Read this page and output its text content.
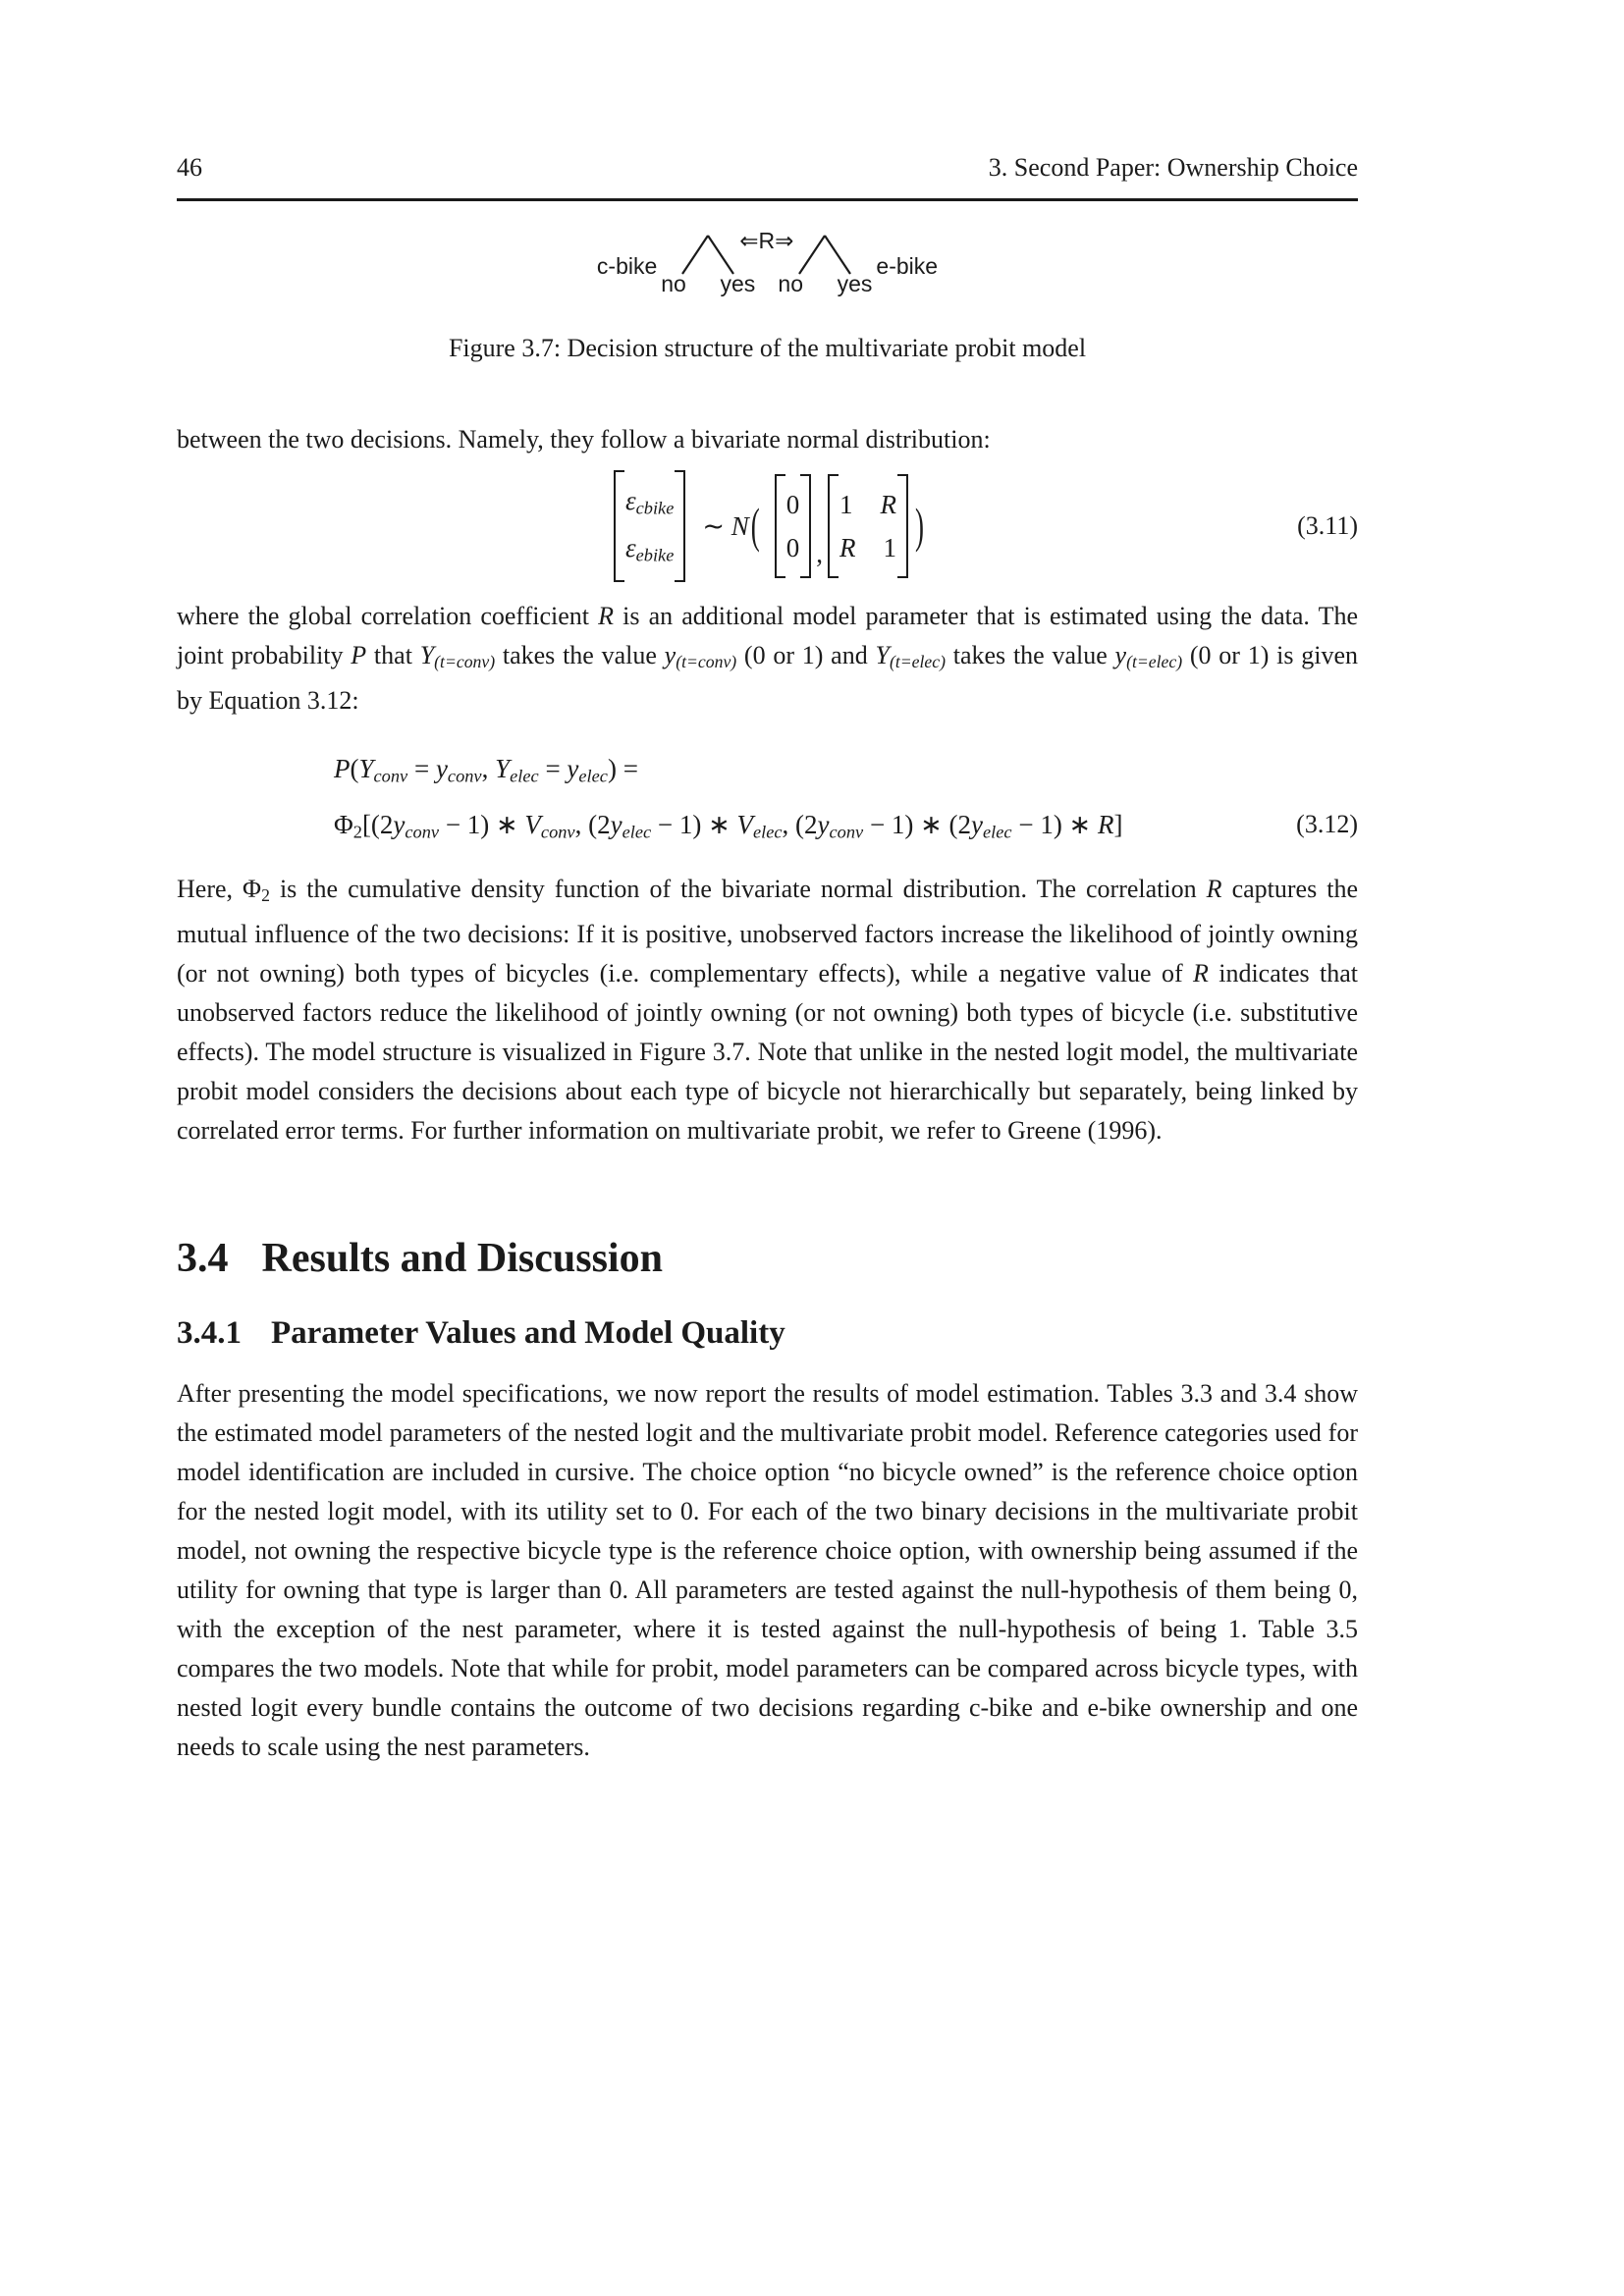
46	3. Second Paper: Ownership Choice
c-bike
no yes
⇐R⇒
no yes
e-bike
Figure 3.7: Decision structure of the multivariate probit model

between the two decisions. Namely, they follow a bivariate normal distribution:

εcbike
εebike
∼ N( 0
0 ,
1 R
R 1 )	(3.11)

where the global correlation coefficient R is an additional model parameter that is estimated using the data. The joint probability P that Y(t=conv) takes the value y(t=conv) (0 or 1) and Y(t=elec) takes the value y(t=elec) (0 or 1) is given by Equation 3.12:

P(Yconv = yconv, Yelec = yelec) =
Φ2[(2yconv − 1) ∗ Vconv, (2yelec − 1) ∗ Velec, (2yconv − 1) ∗ (2yelec − 1) ∗ R]	(3.12)

Here, Φ2 is the cumulative density function of the bivariate normal distribution. The correlation R captures the mutual influence of the two decisions: If it is positive, unobserved factors increase the likelihood of jointly owning (or not owning) both types of bicycles (i.e. complementary effects), while a negative value of R indicates that unobserved factors reduce the likelihood of jointly owning (or not owning) both types of bicycle (i.e. substitutive effects). The model structure is visualized in Figure 3.7. Note that unlike in the nested logit model, the multivariate probit model considers the decisions about each type of bicycle not hierarchically but separately, being linked by correlated error terms. For further information on multivariate probit, we refer to Greene (1996).

3.4 Results and Discussion
3.4.1 Parameter Values and Model Quality

After presenting the model specifications, we now report the results of model estimation. Tables 3.3 and 3.4 show the estimated model parameters of the nested logit and the multivariate probit model. Reference categories used for model identification are included in cursive. The choice option “no bicycle owned” is the reference choice option for the nested logit model, with its utility set to 0. For each of the two binary decisions in the multivariate probit model, not owning the respective bicycle type is the reference choice option, with ownership being assumed if the utility for owning that type is larger than 0. All parameters are tested against the null-hypothesis of them being 0, with the exception of the nest parameter, where it is tested against the null-hypothesis of being 1. Table 3.5 compares the two models. Note that while for probit, model parameters can be compared across bicycle types, with nested logit every bundle contains the outcome of two decisions regarding c-bike and e-bike ownership and one needs to scale using the nest parameters.
